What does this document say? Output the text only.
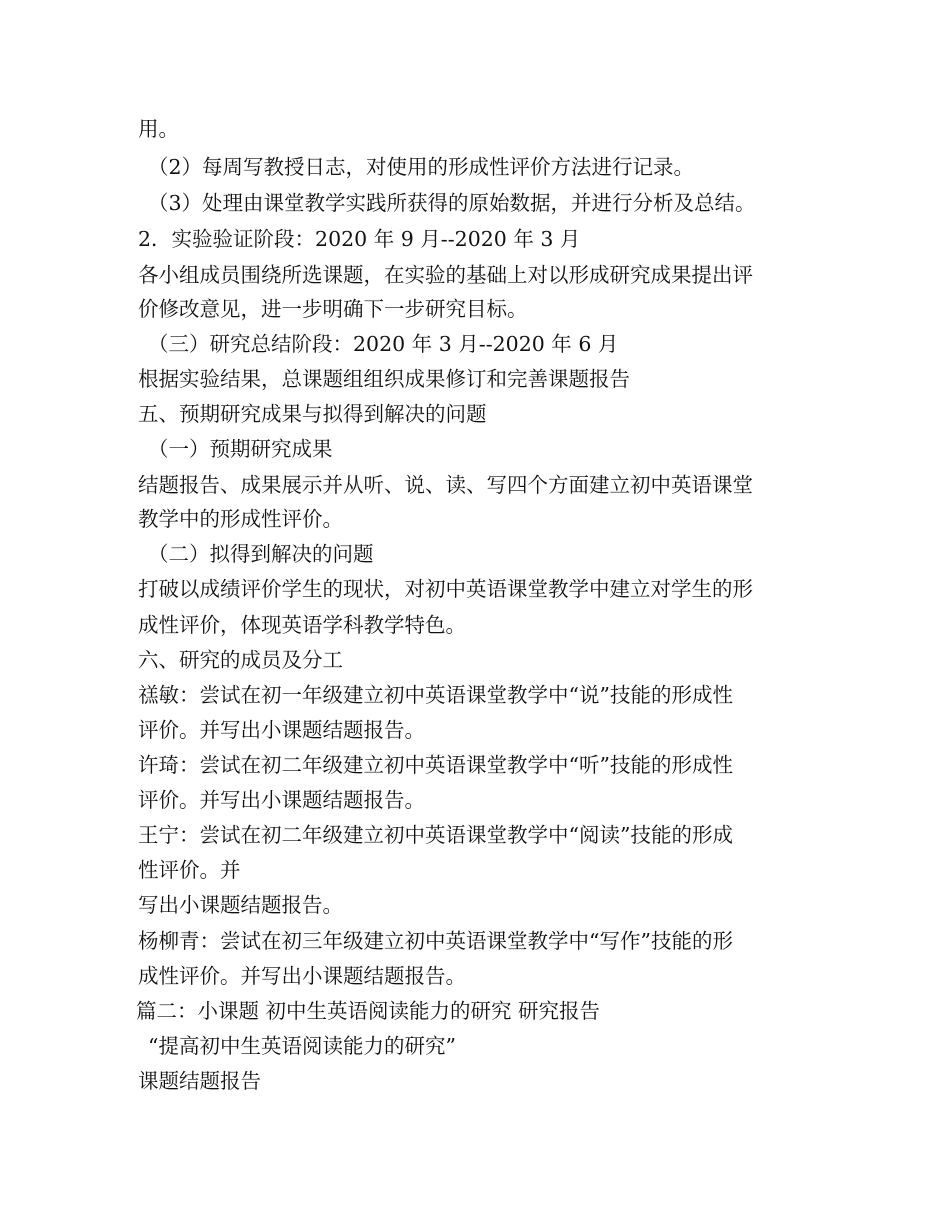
用。
（2）每周写教授日志，对使用的形成性评价方法进行记录。
（3）处理由课堂教学实践所获得的原始数据，并进行分析及总结。
2．实验验证阶段：2020 年 9 月--2020 年 3 月
各小组成员围绕所选课题，在实验的基础上对以形成研究成果提出评
价修改意见，进一步明确下一步研究目标。
（三）研究总结阶段：2020 年 3 月--2020 年 6 月
根据实验结果，总课题组组织成果修订和完善课题报告
五、预期研究成果与拟得到解决的问题
（一）预期研究成果
结题报告、成果展示并从听、说、读、写四个方面建立初中英语课堂
教学中的形成性评价。
（二）拟得到解决的问题
打破以成绩评价学生的现状，对初中英语课堂教学中建立对学生的形
成性评价，体现英语学科教学特色。
六、研究的成员及分工
禚敏：尝试在初一年级建立初中英语课堂教学中“说”技能的形成性
评价。并写出小课题结题报告。
许琦：尝试在初二年级建立初中英语课堂教学中“听”技能的形成性
评价。并写出小课题结题报告。
王宁：尝试在初二年级建立初中英语课堂教学中“阅读”技能的形成
性评价。并
写出小课题结题报告。
杨柳青：尝试在初三年级建立初中英语课堂教学中“写作”技能的形
成性评价。并写出小课题结题报告。
篇二：小课题 初中生英语阅读能力的研究 研究报告
“提高初中生英语阅读能力的研究”
课题结题报告
